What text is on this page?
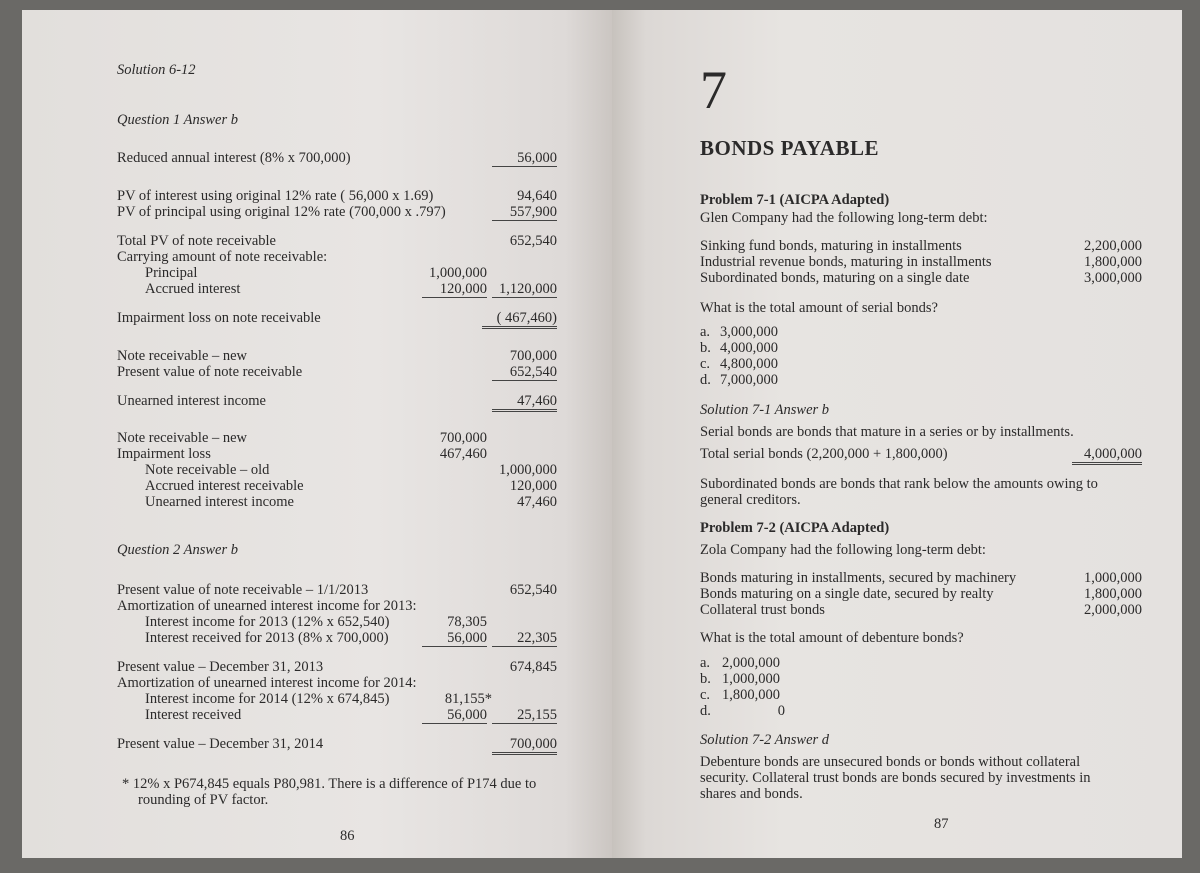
Solution 6-12
Question 1 Answer b
Reduced annual interest (8% x 700,000)	56,000
PV of interest using original 12% rate ( 56,000 x 1.69)	94,640
PV of principal using original 12% rate (700,000 x .797)	557,900
Total PV of note receivable	652,540
Carrying amount of note receivable:
Principal	1,000,000
Accrued interest	120,000 1,120,000
Impairment loss on note receivable	( 467,460)
Note receivable – new	700,000
Present value of note receivable	652,540
Unearned interest income	47,460
Note receivable – new	700,000
Impairment loss	467,460
Note receivable – old	1,000,000
Accrued interest receivable	120,000
Unearned interest income	47,460
Question 2 Answer b
Present value of note receivable – 1/1/2013	652,540
Amortization of unearned interest income for 2013:
Interest income for 2013 (12% x 652,540)	78,305
Interest received for 2013 (8% x 700,000)	56,000	22,305
Present value – December 31, 2013	674,845
Amortization of unearned interest income for 2014:
Interest income for 2014 (12% x 674,845)	81,155*
Interest received	56,000	25,155
Present value – December 31, 2014	700,000
* 12% x P674,845 equals P80,981. There is a difference of P174 due to
rounding of PV factor.
86
7
BONDS PAYABLE
Problem 7-1 (AICPA Adapted)
Glen Company had the following long-term debt:
Sinking fund bonds, maturing in installments	2,200,000
Industrial revenue bonds, maturing in installments	1,800,000
Subordinated bonds, maturing on a single date	3,000,000
What is the total amount of serial bonds?
a. 3,000,000
b. 4,000,000
c. 4,800,000
d. 7,000,000
Solution 7-1 Answer b
Serial bonds are bonds that mature in a series or by installments.
Total serial bonds (2,200,000 + 1,800,000)	4,000,000
Subordinated bonds are bonds that rank below the amounts owing to
general creditors.
Problem 7-2 (AICPA Adapted)
Zola Company had the following long-term debt:
Bonds maturing in installments, secured by machinery	1,000,000
Bonds maturing on a single date, secured by realty	1,800,000
Collateral trust bonds	2,000,000
What is the total amount of debenture bonds?
a. 2,000,000
b. 1,000,000
c. 1,800,000
d.	0
Solution 7-2 Answer d
Debenture bonds are unsecured bonds or bonds without collateral
security. Collateral trust bonds are bonds secured by investments in
shares and bonds.
87
